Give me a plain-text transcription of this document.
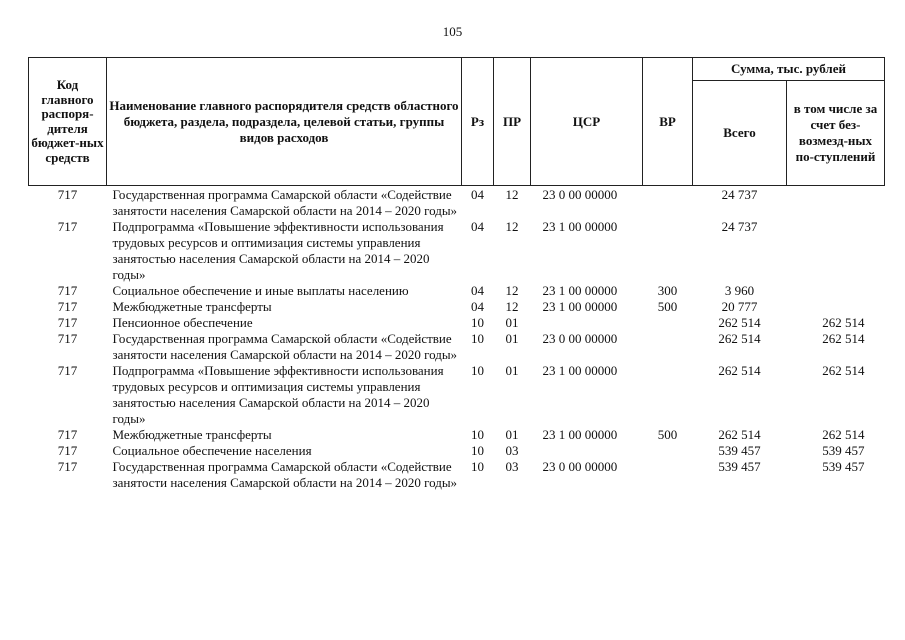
105
Код главного распоря-дителя бюджет-ных средств	Наименование главного распорядителя средств областного бюджета, раздела, подраздела, целевой статьи, группы видов расходов	Рз	ПР	ЦСР	ВР	Сумма, тыс. рублей	
						Всего	в том числе за счет без-возмезд-ных по-ступлений
717	Государственная программа Самарской области «Содействие занятости населения Самарской области на 2014 – 2020 годы»	04	12	23 0 00 00000		24 737	
717	Подпрограмма «Повышение эффективности использования трудовых ресурсов и оптимизация системы управления занятостью населения Самарской области на 2014 – 2020 годы»	04	12	23 1 00 00000		24 737	
717	Социальное обеспечение и иные выплаты населению	04	12	23 1 00 00000	300	3 960	
717	Межбюджетные трансферты	04	12	23 1 00 00000	500	20 777	
717	Пенсионное обеспечение	10	01			262 514	262 514
717	Государственная программа Самарской области «Содействие занятости населения Самарской области на 2014 – 2020 годы»	10	01	23 0 00 00000		262 514	262 514
717	Подпрограмма «Повышение эффективности использования трудовых ресурсов и оптимизация системы управления занятостью населения Самарской области на 2014 – 2020 годы»	10	01	23 1 00 00000		262 514	262 514
717	Межбюджетные трансферты	10	01	23 1 00 00000	500	262 514	262 514
717	Социальное обеспечение населения	10	03			539 457	539 457
717	Государственная программа Самарской области «Содействие занятости населения Самарской области на 2014 – 2020 годы»	10	03	23 0 00 00000		539 457	539 457
